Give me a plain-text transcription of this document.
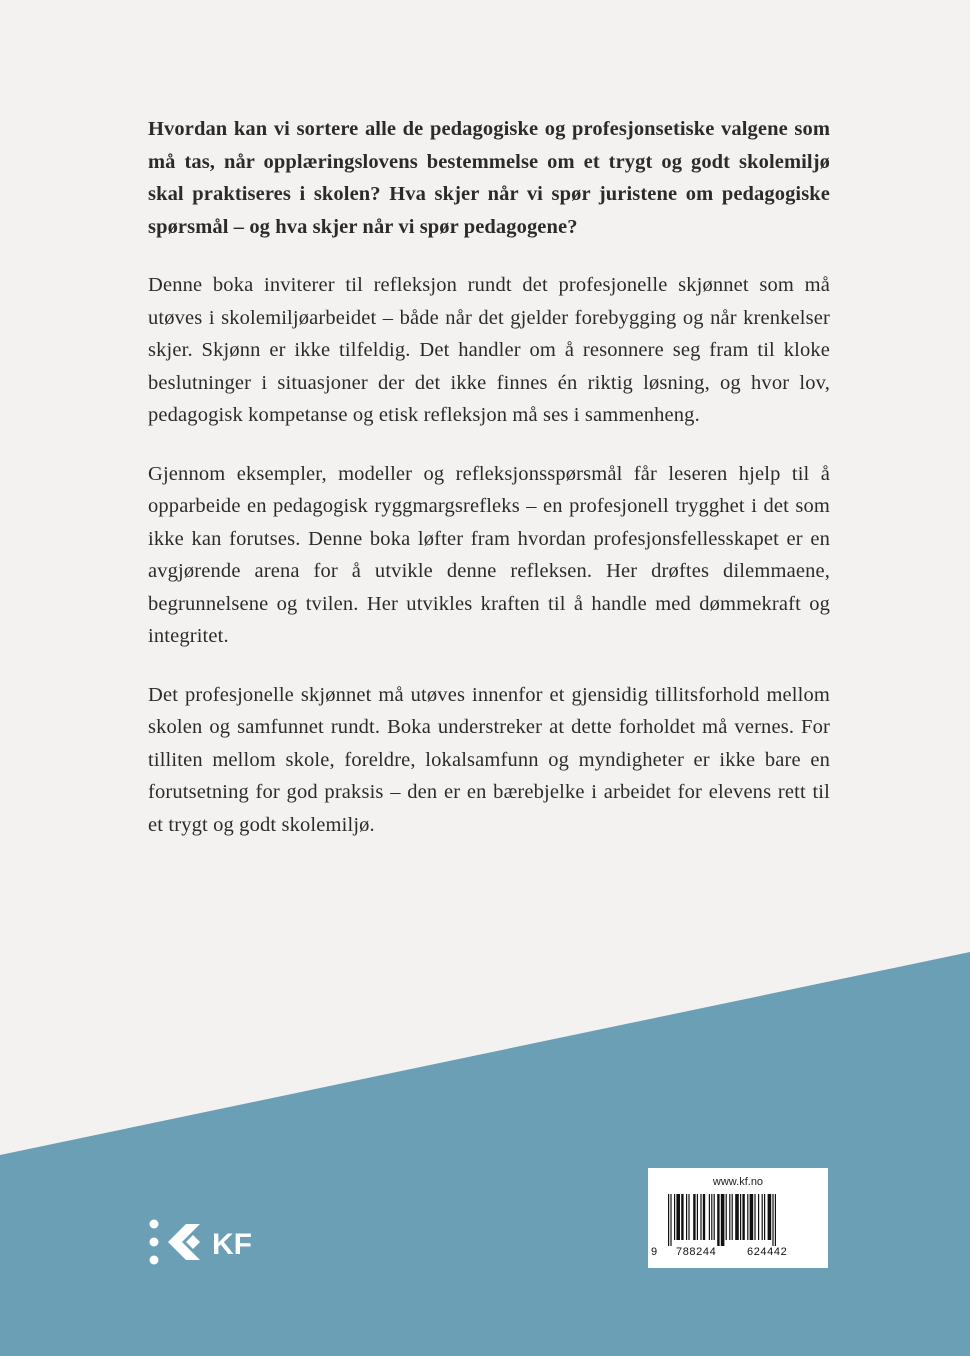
Hvordan kan vi sortere alle de pedagogiske og profesjonsetiske valgene som må tas, når opplæringslovens bestemmelse om et trygt og godt skolemiljø skal praktiseres i skolen? Hva skjer når vi spør juristene om pedagogiske spørsmål – og hva skjer når vi spør pedagogene?

Denne boka inviterer til refleksjon rundt det profesjonelle skjønnet som må utøves i skolemiljøarbeidet – både når det gjelder forebygging og når krenkelser skjer. Skjønn er ikke tilfeldig. Det handler om å resonnere seg fram til kloke beslutninger i situasjoner der det ikke finnes én riktig løsning, og hvor lov, pedagogisk kompetanse og etisk refleksjon må ses i sammenheng.

Gjennom eksempler, modeller og refleksjonsspørsmål får leseren hjelp til å opparbeide en pedagogisk ryggmargsrefleks – en profesjonell trygghet i det som ikke kan forutses. Denne boka løfter fram hvordan profesjonsfellesskapet er en avgjørende arena for å utvikle denne refleksen. Her drøftes dilemmaene, begrunnelsene og tvilen. Her utvikles kraften til å handle med dømmekraft og integritet.

Det profesjonelle skjønnet må utøves innenfor et gjensidig tillitsforhold mellom skolen og samfunnet rundt. Boka understreker at dette forholdet må vernes. For tilliten mellom skole, foreldre, lokalsamfunn og myndigheter er ikke bare en forutsetning for god praksis – den er en bærebjelke i arbeidet for elevens rett til et trygt og godt skolemiljø.

KF
www.kf.no
9 788244	624442
